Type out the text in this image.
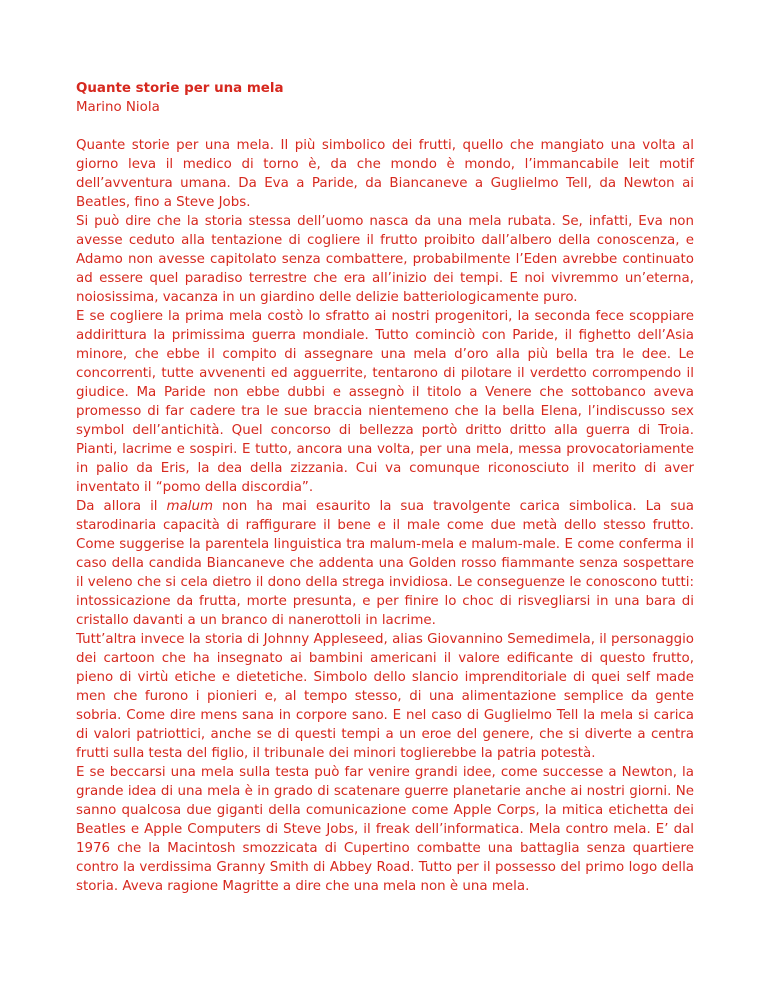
Quante storie per una mela

Marino Niola

Quante storie per una mela. Il più simbolico dei frutti, quello che mangiato una volta al giorno leva il medico di torno è, da che mondo è mondo, l’immancabile leit motif dell’avventura umana. Da Eva a Paride, da Biancaneve a Guglielmo Tell, da Newton ai Beatles, fino a Steve Jobs.

Si può dire che la storia stessa dell’uomo nasca da una mela rubata. Se, infatti, Eva non avesse ceduto alla tentazione di cogliere il frutto proibito dall’albero della conoscenza, e Adamo non avesse capitolato senza combattere, probabilmente l’Eden avrebbe continuato ad essere quel paradiso terrestre che era all’inizio dei tempi. E noi vivremmo un’eterna, noiosissima, vacanza in un giardino delle delizie batteriologicamente puro.

E se cogliere la prima mela costò lo sfratto ai nostri progenitori, la seconda fece scoppiare addirittura la primissima guerra mondiale. Tutto cominciò con Paride, il fighetto dell’Asia minore, che ebbe il compito di assegnare una mela d’oro alla più bella tra le dee. Le concorrenti, tutte avvenenti ed agguerrite, tentarono di pilotare il verdetto corrompendo il giudice. Ma Paride non ebbe dubbi e assegnò il titolo a Venere che sottobanco aveva promesso di far cadere tra le sue braccia nientemeno che la bella Elena, l’indiscusso sex symbol dell’antichità. Quel concorso di bellezza portò dritto dritto alla guerra di Troia. Pianti, lacrime e sospiri. E tutto, ancora una volta, per una mela, messa provocatoriamente in palio da Eris, la dea della zizzania. Cui va comunque riconosciuto il merito di aver inventato il “pomo della discordia”.

Da allora il malum non ha mai esaurito la sua travolgente carica simbolica. La sua starodinaria capacità di raffigurare il bene e il male come due metà dello stesso frutto. Come suggerise la parentela linguistica tra malum-mela e malum-male. E come conferma il caso della candida Biancaneve che addenta una Golden rosso fiammante senza sospettare il veleno che si cela dietro il dono della strega invidiosa. Le conseguenze le conoscono tutti: intossicazione da frutta, morte presunta, e per finire lo choc di risvegliarsi in una bara di cristallo davanti a un branco di nanerottoli in lacrime.

Tutt’altra invece la storia di Johnny Appleseed, alias Giovannino Semedimela, il personaggio dei cartoon che ha insegnato ai bambini americani il valore edificante di questo frutto, pieno di virtù etiche e dietetiche. Simbolo dello slancio imprenditoriale di quei self made men che furono i pionieri e, al tempo stesso, di una alimentazione semplice da gente sobria. Come dire mens sana in corpore sano. E nel caso di Guglielmo Tell la mela si carica di valori patriottici, anche se di questi tempi a un eroe del genere, che si diverte a centra frutti sulla testa del figlio, il tribunale dei minori toglierebbe la patria potestà.

E se beccarsi una mela sulla testa può far venire grandi idee, come successe a Newton, la grande idea di una mela è in grado di scatenare guerre planetarie anche ai nostri giorni. Ne sanno qualcosa due giganti della comunicazione come Apple Corps, la mitica etichetta dei Beatles e Apple Computers di Steve Jobs, il freak dell’informatica. Mela contro mela. E’ dal 1976 che la Macintosh smozzicata di Cupertino combatte una battaglia senza quartiere contro la verdissima Granny Smith di Abbey Road. Tutto per il possesso del primo logo della storia. Aveva ragione Magritte a dire che una mela non è una mela.
